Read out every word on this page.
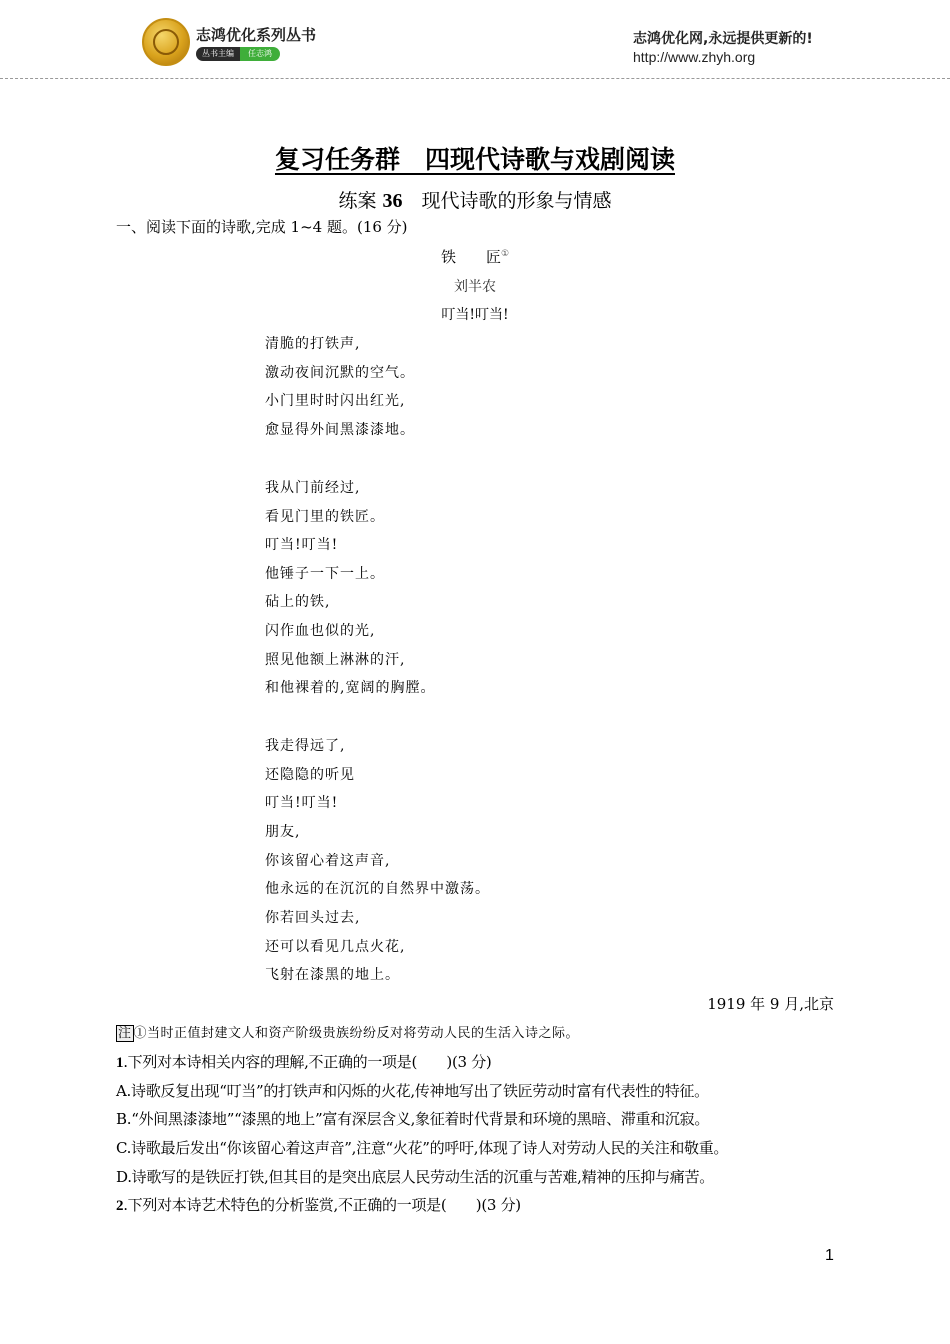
志鸿优化系列丛书
丛书主编	任志鸿
志鸿优化网,永远提供更新的!
http://www.zhyh.org
复习任务群　四现代诗歌与戏剧阅读
练案 36　 现代诗歌的形象与情感
一、阅读下面的诗歌,完成 1~4 题。(16 分)
铁　　匠①
刘半农
叮当!叮当!
清脆的打铁声,
激动夜间沉默的空气。
小门里时时闪出红光,
愈显得外间黑漆漆地。
我从门前经过,
看见门里的铁匠。
叮当!叮当!
他锤子一下一上。
砧上的铁,
闪作血也似的光,
照见他额上淋淋的汗,
和他裸着的,宽阔的胸膛。
我走得远了,
还隐隐的听见
叮当!叮当!
朋友,
你该留心着这声音,
他永远的在沉沉的自然界中激荡。
你若回头过去,
还可以看见几点火花,
飞射在漆黑的地上。
1919 年 9 月,北京
注 ①当时正值封建文人和资产阶级贵族纷纷反对将劳动人民的生活入诗之际。
1.下列对本诗相关内容的理解,不正确的一项是(　　)(3 分)
A.诗歌反复出现“叮当”的打铁声和闪烁的火花,传神地写出了铁匠劳动时富有代表性的特征。
B.“外间黑漆漆地”“漆黑的地上”富有深层含义,象征着时代背景和环境的黑暗、滞重和沉寂。
C.诗歌最后发出“你该留心着这声音”,注意“火花”的呼吁,体现了诗人对劳动人民的关注和敬重。
D.诗歌写的是铁匠打铁,但其目的是突出底层人民劳动生活的沉重与苦难,精神的压抑与痛苦。
2.下列对本诗艺术特色的分析鉴赏,不正确的一项是(　　)(3 分)
1
